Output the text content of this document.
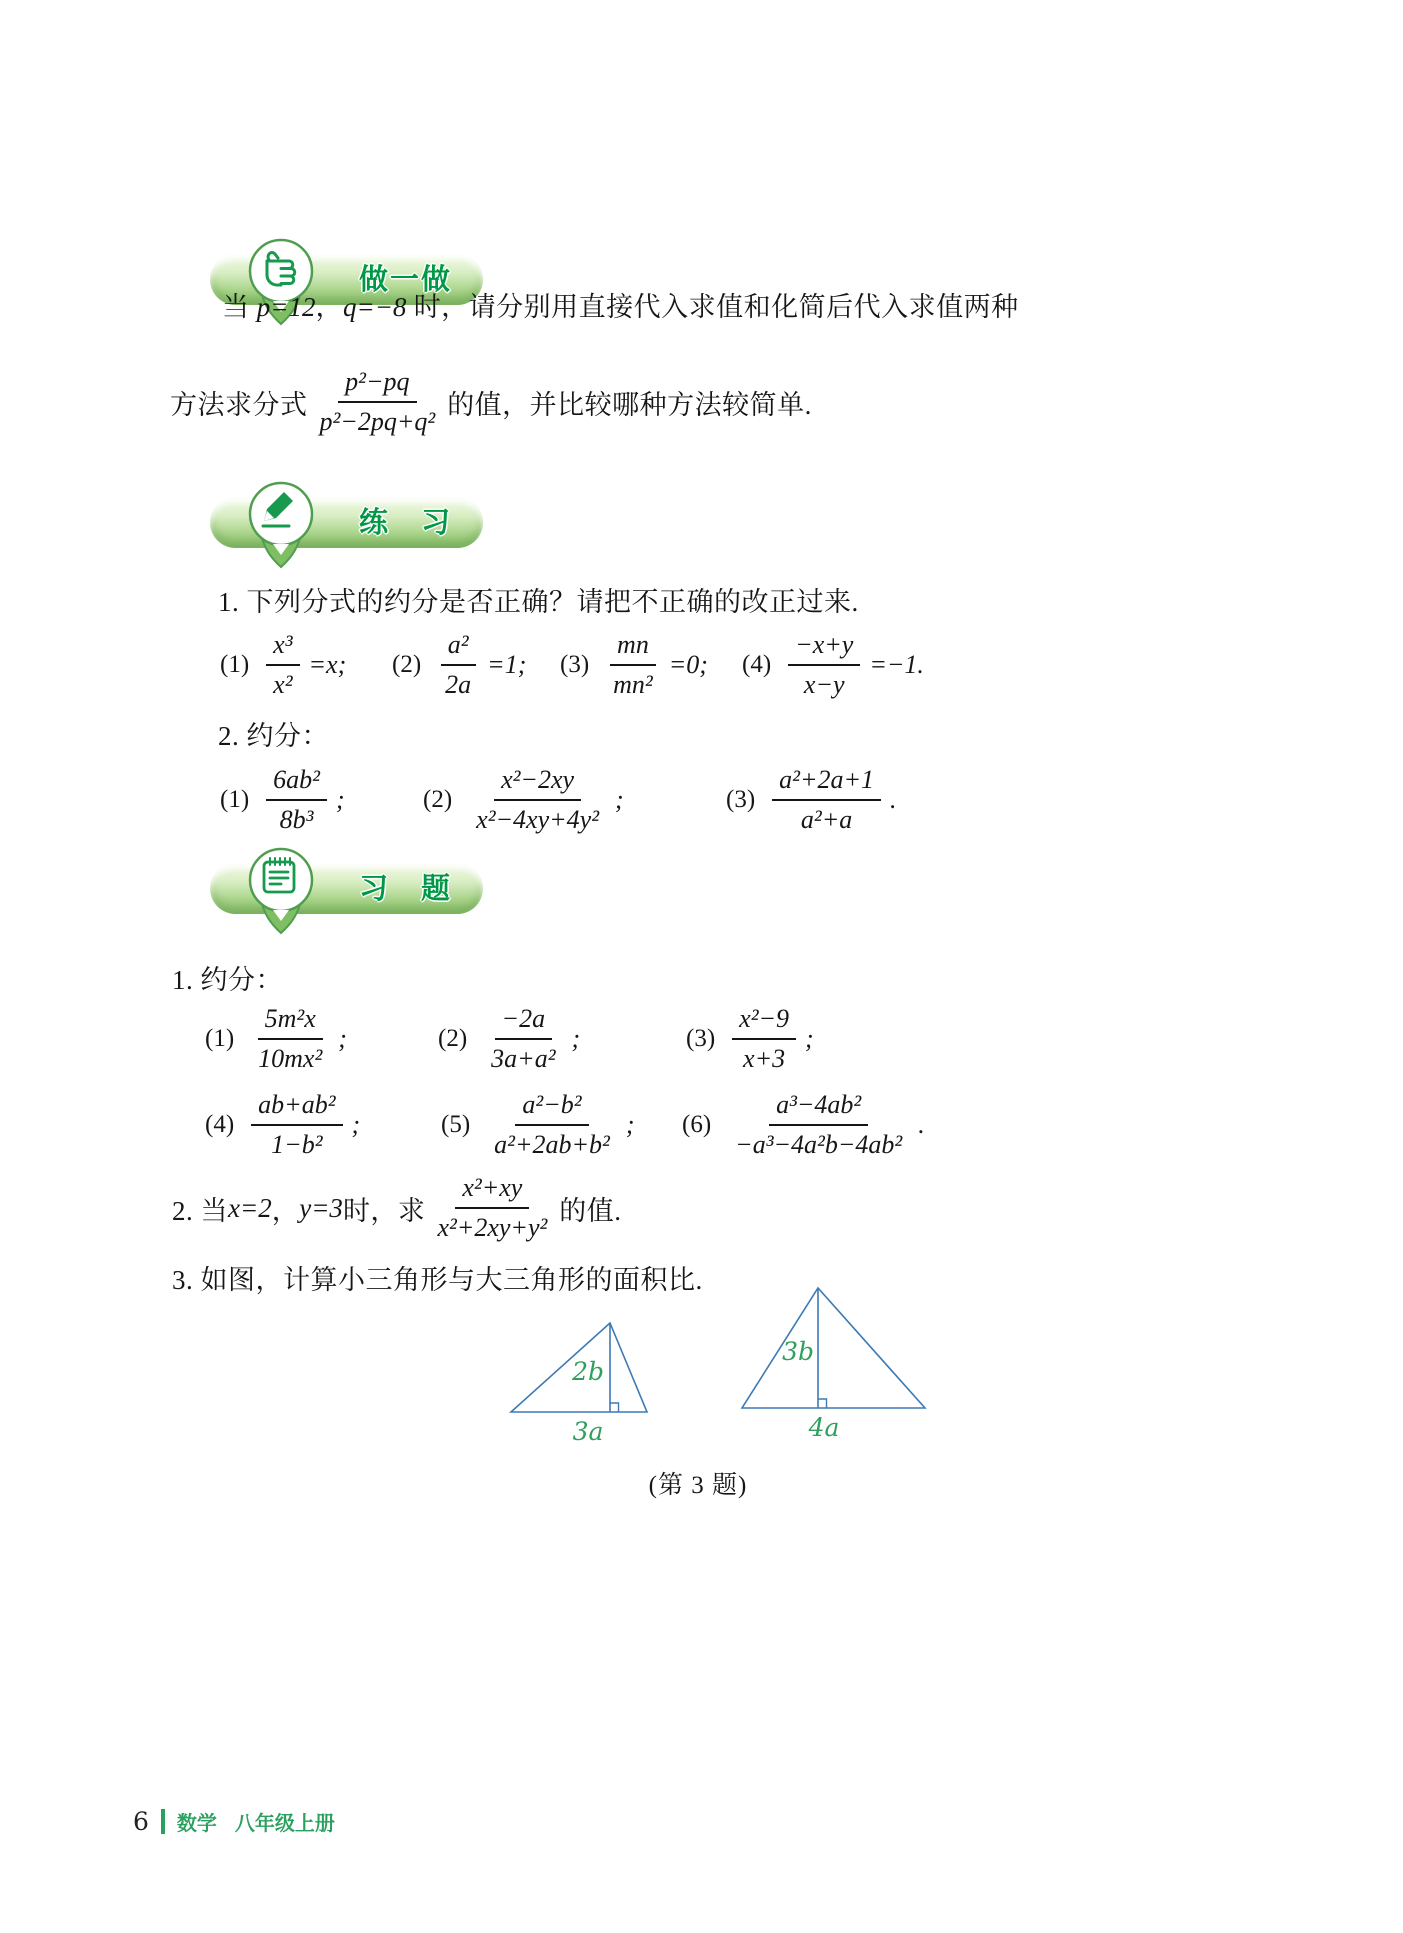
做一做
当 p=12，q=−8 时，请分别用直接代入求值和化简后代入求值两种
方法求分式 $\frac{\text{p²−pq}}{\text{p²−2pq+q²}}$ 的值，并比较哪种方法较简单.
练　习
1. 下列分式的约分是否正确？请把不正确的改正过来.
$(1) \frac{\text{x³}}{\text{x²}} =x$; $(2) \frac{\text{a²}}{2a} =1$; $(3) \frac{mn}{\text{mn²}} =0$; $(4) \frac{-x+y}{x-y} =-1$.
2. 约分：
$(1) \frac{\text{6ab²}}{\text{8b³}}$ ;	$(2) \frac{\text{x²−2xy}}{\text{x²−4xy+4y²}}$ ;	$(3) \frac{\text{a²+2a+1}}{\text{a²+a}}$ .
习　题
1. 约分：
$(1) \frac{\text{5m²x}}{\text{10mx²}}$ ;	$(2) \frac{-2a}{\text{3a+a²}}$ ;	$(3) \frac{\text{x²−9}}{x+3}$ ;
$(4) \frac{\text{ab+ab²}}{\text{1−b²}}$ ;	$(5) \frac{\text{a²−b²}}{\text{a²+2ab+b²}}$ ; $(6) \frac{\text{a³−4ab²}}{\text{−a³−4a²b−4ab²}}$ .
2. 当 x=2 ， y=3 时，求 $\frac{\text{x²+xy}}{\text{x²+2xy+y²}}$ 的值.
3. 如图，计算小三角形与大三角形的面积比.
2b
3a
3b
4a
(第 3 题)
6 数学 八年级上册
